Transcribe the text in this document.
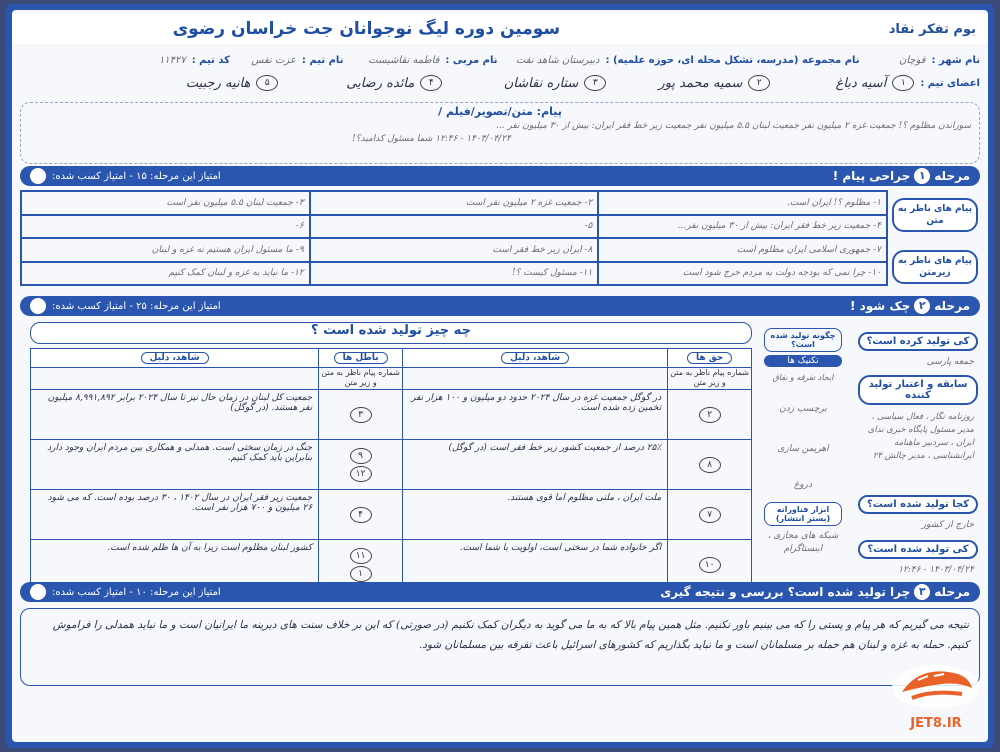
بوم تفکر نقاد
سومین دوره لیگ نوجوانان جت خراسان رضوی
نام شهر :
قوچان
نام مجموعه (مدرسه، تشکل محله ای، حوزه علمیه) :
دبیرستان شاهد نفت
نام مربی :
فاطمه نقاشیست
نام تیم :
عزت نفس
کد تیم :
۱۱۴۲۷
اعضای تیم :
۱
آسیه دباغ
۲
سمیه محمد پور
۳
ستاره نقاشان
۴
مائده رضایی
۵
هانیه رجبیت
پیام: متن/تصویر/فیلم /
سوزاندن مظلوم ؟! جمعیت غزه ۲ میلیون نفر جمعیت لبنان ۵.۵ میلیون نفر جمعیت زیر خط فقر ایران: بیش از ۳۰ میلیون نفر ...
۱۴۰۳/۰۴/۲۴ - ۱۲:۴۶ شما مسئول کدامید؟!
مرحله
۱
جراحی پیام !
امتیاز این مرحله: ۱۵ - امتیاز کسب شده:
پیام های ناظر به متن
پیام های ناظر به زیرمتن
۱- مظلوم ؟! ایران است.
۲- جمعیت غزه ۲ میلیون نفر است
۳- جمعیت لبنان ۵.۵ میلیون نفر است
۴- جمعیت زیر خط فقر ایران: بیش از ۳۰ میلیون نفر...
۵-
۶-
۷- جمهوری اسلامی ایران مظلوم است
۸- ایران زیر خط فقر است
۹- ما مسئول ایران هستیم نه غزه و لبنان
۱۰- چرا نمی که بودجه دولت به مردم خرج شود است
۱۱- مسئول کیست ؟!
۱۲- ما نباید به غزه و لبنان کمک کنیم
مرحله
۲
چک شود !
امتیاز این مرحله: ۲۵ - امتیاز کسب شده:
چه چیز تولید شده است ؟
حق ها
شاهد، دلیل
باطل ها
شاهد، دلیل
شماره پیام ناظر به متن و زیر متن
شماره پیام ناظر به متن و زیر متن
۲
در گوگل جمعیت غزه در سال ۲۰۲۴ حدود دو میلیون و ۱۰۰ هزار نفر تخمین زده شده است.
۳
جمعیت کل لبنان در زمان حال نیز تا سال ۲۰۲۴ برابر ۸,۹۹۱,۸۹۲ میلیون نفر هستند. (در گوگل)
۸
۲۵٪ درصد از جمعیت کشور زیر خط فقر است (در گوگل)
۹
۱۲
جنگ در زمان سختی است. همدلی و همکاری بین مردم ایران وجود دارد بنابراین باید کمک کنیم.
۷
ملت ایران ، ملتی مظلوم اما قوی هستند.
۴
جمعیت زیر فقر ایران در سال ۱۴۰۲ ، ۳۰ درصد بوده است. که می شود ۲۶ میلیون و ۷۰۰ هزار نفر است.
۱۰
اگر خانواده شما در سختی است، اولویت با شما است.
۱۱
۱
کشور لبنان مظلوم است زیرا به آن ها ظلم شده است.
چگونه تولید شده است؟
تکنیک ها
ایجاد تفرقه و نفاق
برچسب زدن
اهریمن سازی
دروغ
ابزار فناورانه (بستر انتشار)
شبکه های مجازی ، اینستاگرام
کی تولید کرده است؟
جمعه پارسی
سابقه و اعتبار تولید کننده
روزنامه نگار ، فعال سیاسی ، مدیر مسئول پایگاه خبری ندای ایران ، سردبیر ماهنامه ایرانشناسی ، مدیر چالش ۲۴
کجا تولید شده است؟
خارج از کشور
کی تولید شده است؟
۱۴۰۳/۰۴/۲۴ - ۱۲:۴۶
مرحله
۳
چرا تولید شده است؟ بررسی و نتیجه گیری
امتیاز این مرحله: ۱۰ - امتیاز کسب شده:
نتیجه می گیریم که هر پیام و پستی را که می بینیم باور نکنیم. مثل همین پیام بالا که به ما می گوید به دیگران کمک نکنیم (در صورتی) که این بر خلاف سنت های دیرینه ما ایرانیان است و ما نباید همدلی را فراموش کنیم. حمله به غزه و لبنان هم حمله بر مسلمانان است و ما نباید بگذاریم که کشورهای اسرائیل باعث تفرقه بین مسلمانان شود.
JET8.IR
